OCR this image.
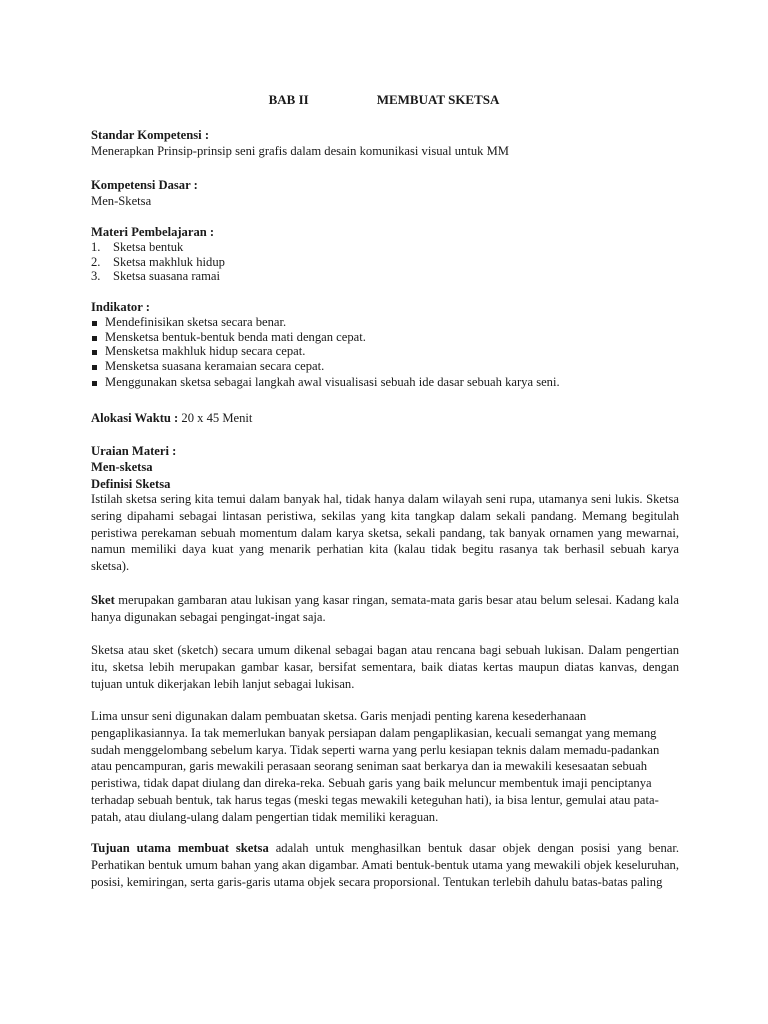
BAB II	MEMBUAT SKETSA
Standar Kompetensi :
Menerapkan Prinsip-prinsip seni grafis dalam desain komunikasi visual untuk MM
Kompetensi Dasar :
Men-Sketsa
Materi Pembelajaran :
1. Sketsa bentuk
2. Sketsa makhluk hidup
3. Sketsa suasana ramai
Indikator :
Mendefinisikan sketsa secara benar.
Mensketsa bentuk-bentuk benda mati dengan cepat.
Mensketsa makhluk hidup secara cepat.
Mensketsa suasana keramaian secara cepat.
Menggunakan sketsa sebagai langkah awal visualisasi sebuah ide dasar sebuah karya seni.
Alokasi Waktu : 20 x 45 Menit
Uraian Materi :
Men-sketsa
Definisi Sketsa

Istilah sketsa sering kita temui dalam banyak hal, tidak hanya dalam wilayah seni rupa, utamanya seni lukis. Sketsa sering dipahami sebagai lintasan peristiwa, sekilas yang kita tangkap dalam sekali pandang. Memang begitulah peristiwa perekaman sebuah momentum dalam karya sketsa, sekali pandang, tak banyak ornamen yang mewarnai, namun memiliki daya kuat yang menarik perhatian kita (kalau tidak begitu rasanya tak berhasil sebuah karya sketsa).

Sket merupakan gambaran atau lukisan yang kasar ringan, semata-mata garis besar atau belum selesai. Kadang kala hanya digunakan sebagai pengingat-ingat saja.

Sketsa atau sket (sketch) secara umum dikenal sebagai bagan atau rencana bagi sebuah lukisan. Dalam pengertian itu, sketsa lebih merupakan gambar kasar, bersifat sementara, baik diatas kertas maupun diatas kanvas, dengan tujuan untuk dikerjakan lebih lanjut sebagai lukisan.

Lima unsur seni digunakan dalam pembuatan sketsa. Garis menjadi penting karena kesederhanaan
pengaplikasiannya. Ia tak memerlukan banyak persiapan dalam pengaplikasian, kecuali semangat yang memang
sudah menggelombang sebelum karya. Tidak seperti warna yang perlu kesiapan teknis dalam memadu-padankan
atau pencampuran, garis mewakili perasaan seorang seniman saat berkarya dan ia mewakili kesesaatan sebuah
peristiwa, tidak dapat diulang dan direka-reka. Sebuah garis yang baik meluncur membentuk imaji penciptanya
terhadap sebuah bentuk, tak harus tegas (meski tegas mewakili keteguhan hati), ia bisa lentur, gemulai atau pata-
patah, atau diulang-ulang dalam pengertian tidak memiliki keraguan.

Tujuan utama membuat sketsa adalah untuk menghasilkan bentuk dasar objek dengan posisi yang benar. Perhatikan bentuk umum bahan yang akan digambar. Amati bentuk-bentuk utama yang mewakili objek keseluruhan, posisi, kemiringan, serta garis-garis utama objek secara proporsional. Tentukan terlebih dahulu batas-batas paling
